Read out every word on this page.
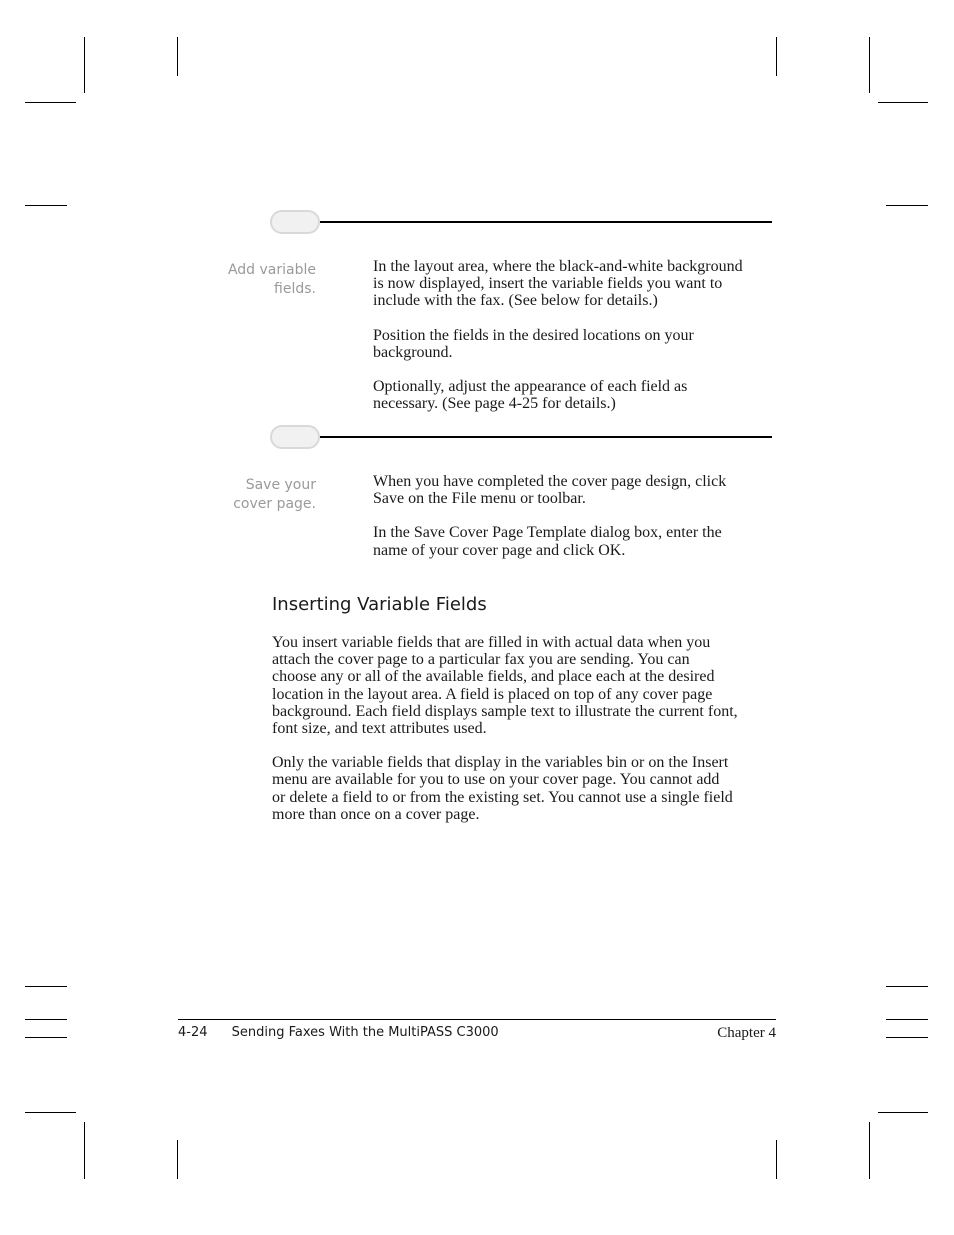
Add variable
fields.

In the layout area, where the black-and-white background
is now displayed, insert the variable fields you want to
include with the fax. (See below for details.)

Position the fields in the desired locations on your
background.

Optionally, adjust the appearance of each field as
necessary. (See page 4-25 for details.)

Save your
cover page.

When you have completed the cover page design, click
Save on the File menu or toolbar.

In the Save Cover Page Template dialog box, enter the
name of your cover page and click OK.

Inserting Variable Fields

You insert variable fields that are filled in with actual data when you
attach the cover page to a particular fax you are sending. You can
choose any or all of the available fields, and place each at the desired
location in the layout area. A field is placed on top of any cover page
background. Each field displays sample text to illustrate the current font,
font size, and text attributes used.

Only the variable fields that display in the variables bin or on the Insert
menu are available for you to use on your cover page. You cannot add
or delete a field to or from the existing set. You cannot use a single field
more than once on a cover page.

4-24 Sending Faxes With the MultiPASS C3000	Chapter 4
